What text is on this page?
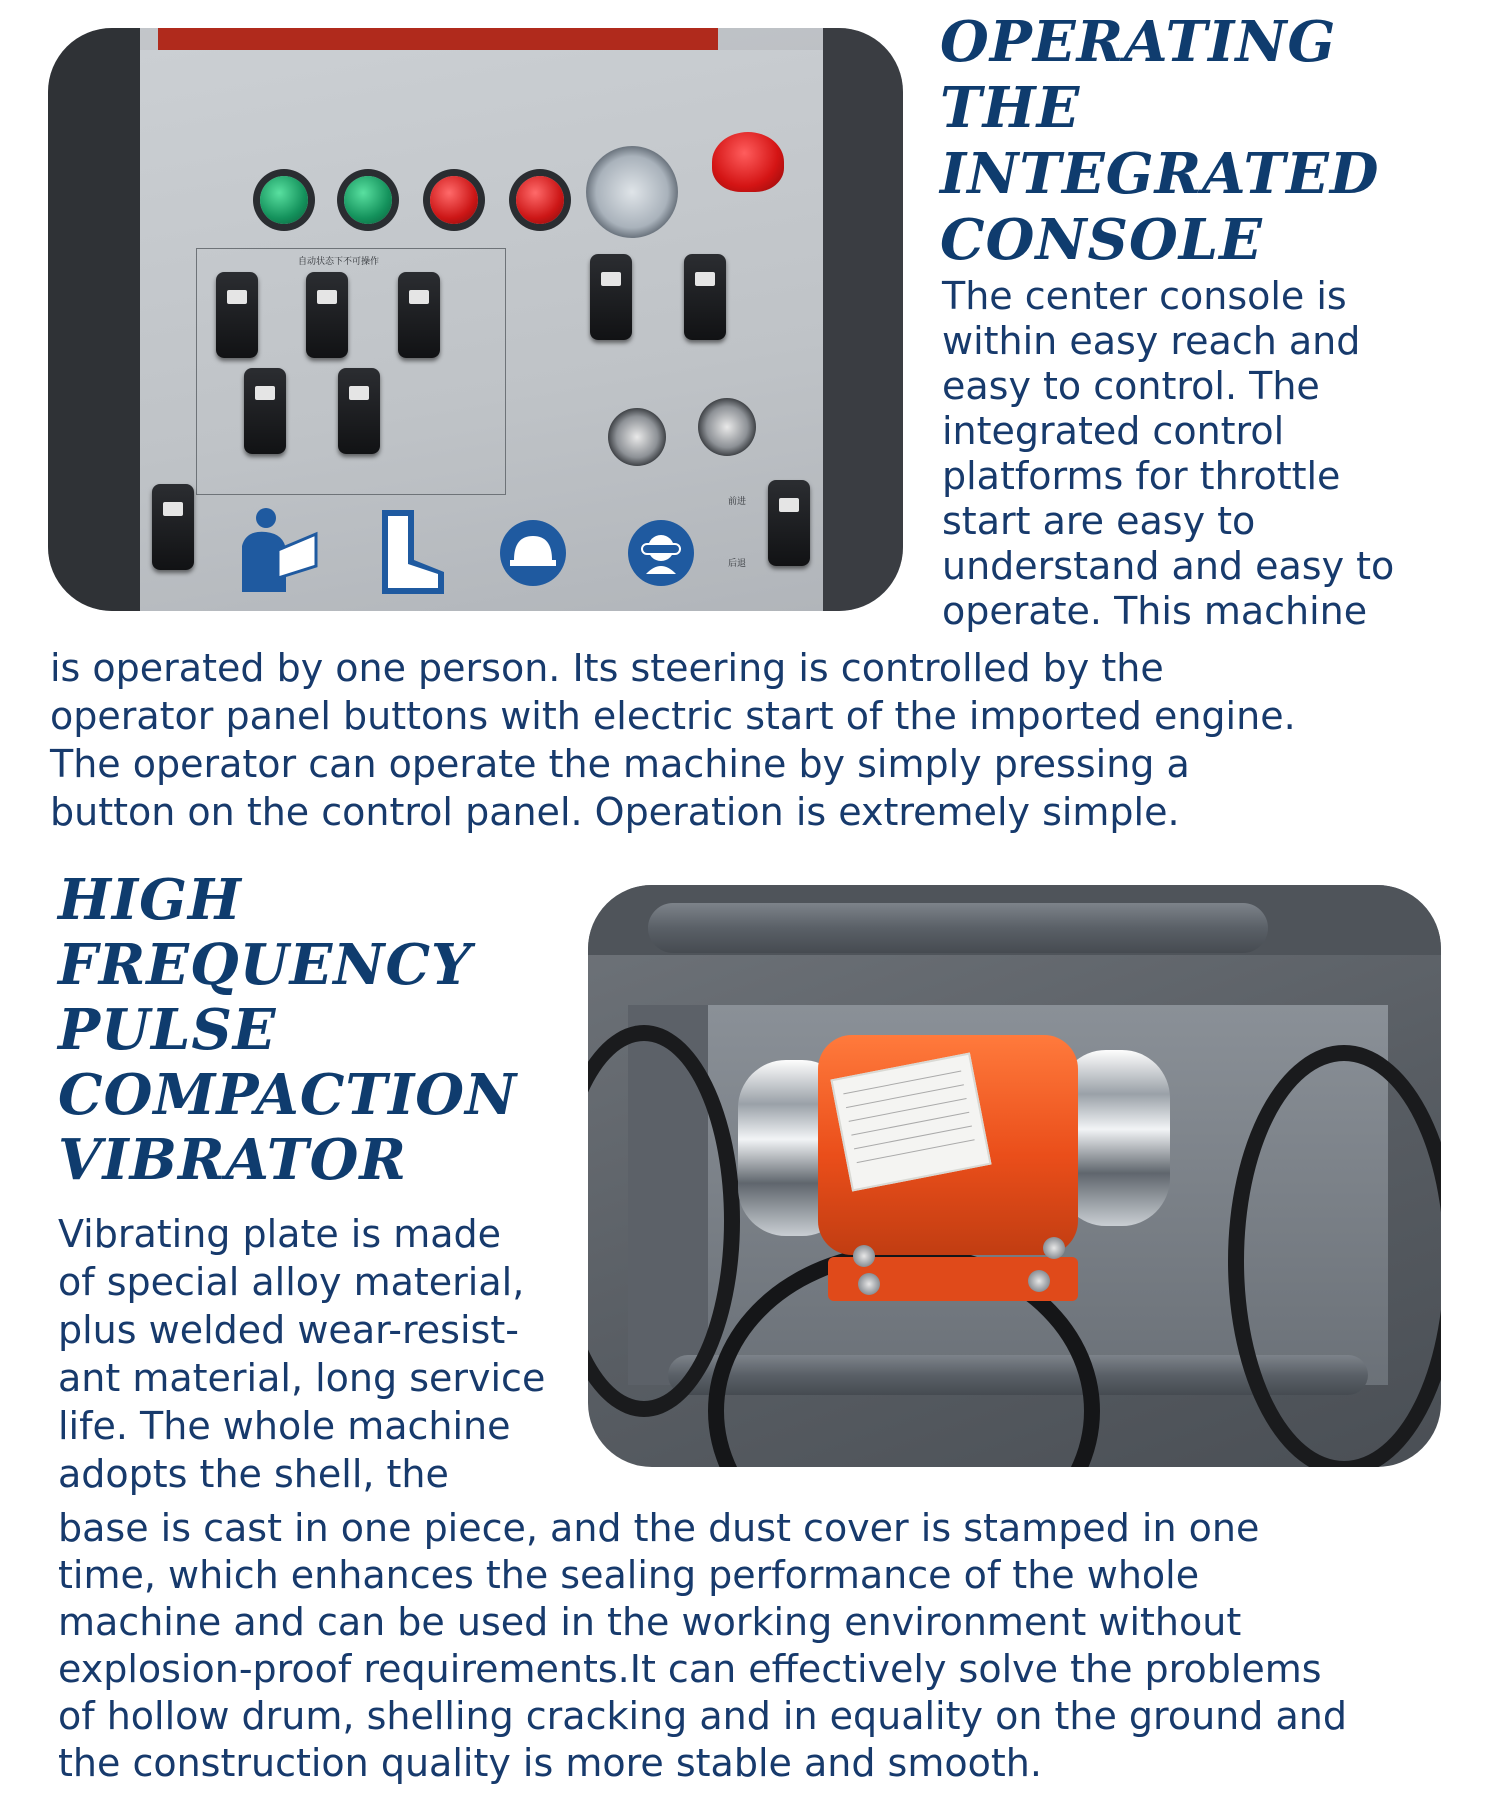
自动状态下不可操作
前进
后退
OPERATING
THE
INTEGRATED
CONSOLE
The center console is
within easy reach and
easy to control. The
integrated control
platforms for throttle
start are easy to
understand and easy to
operate. This machine
is operated by one person. Its steering is controlled by the
operator panel buttons with electric start of the imported engine.
The operator can operate the machine by simply pressing a
button on the control panel. Operation is extremely simple.
HIGH
FREQUENCY
PULSE
COMPACTION
VIBRATOR
Vibrating plate is made
of special alloy material,
plus welded wear-resist-
ant material, long service
life. The whole machine
adopts the shell, the
base is cast in one piece, and the dust cover is stamped in one
time, which enhances the sealing performance of the whole
machine and can be used in the working environment without
explosion-proof requirements.It can effectively solve the problems
of hollow drum, shelling cracking and in equality on the ground and
the construction quality is more stable and smooth.
